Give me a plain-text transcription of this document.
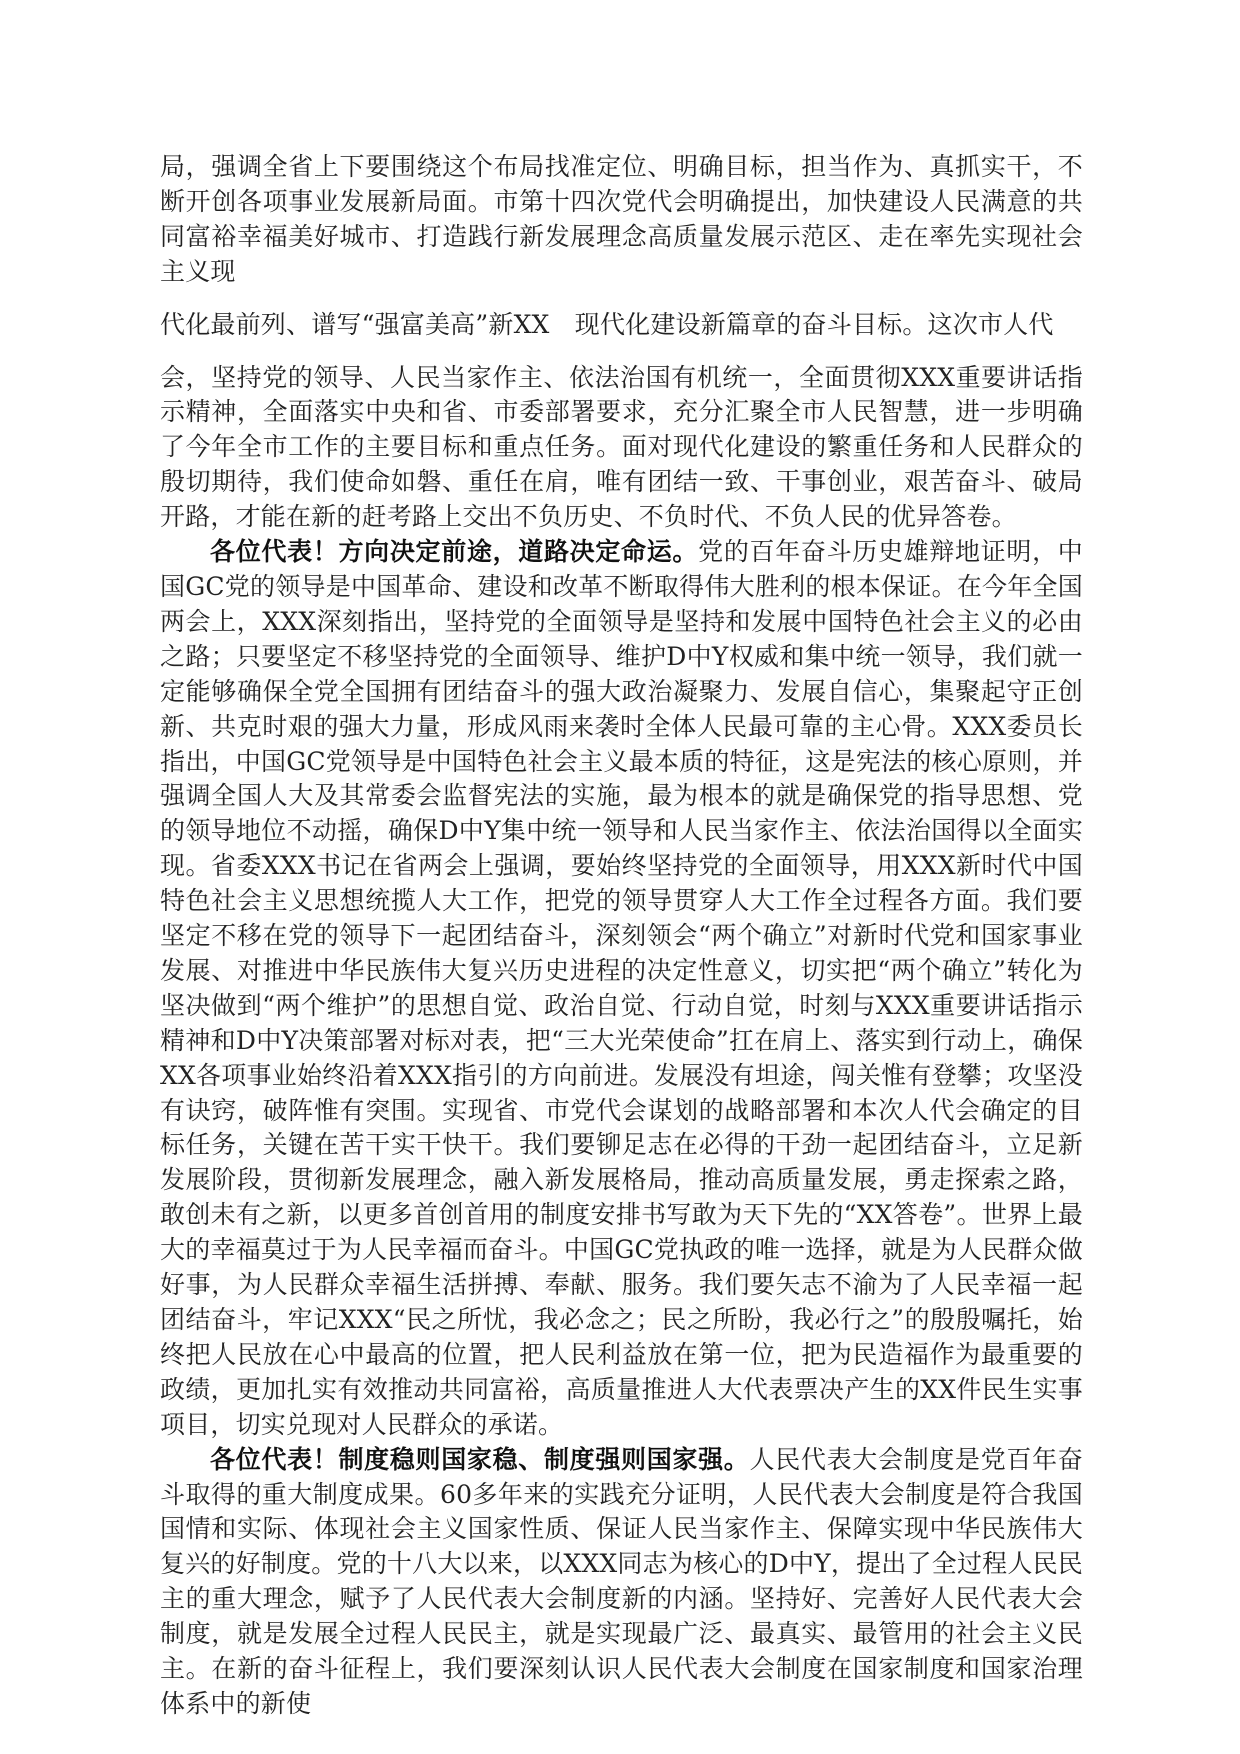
局，强调全省上下要围绕这个布局找准定位、明确目标，担当作为、真抓实干，不断开创各项事业发展新局面。市第十四次党代会明确提出，加快建设人民满意的共同富裕幸福美好城市、打造践行新发展理念高质量发展示范区、走在率先实现社会主义现

代化最前列、谱写“强富美高”新XX　现代化建设新篇章的奋斗目标。这次市人代

会，坚持党的领导、人民当家作主、依法治国有机统一，全面贯彻XXX重要讲话指示精神，全面落实中央和省、市委部署要求，充分汇聚全市人民智慧，进一步明确了今年全市工作的主要目标和重点任务。面对现代化建设的繁重任务和人民群众的殷切期待，我们使命如磐、重任在肩，唯有团结一致、干事创业，艰苦奋斗、破局开路，才能在新的赶考路上交出不负历史、不负时代、不负人民的优异答卷。

各位代表！方向决定前途，道路决定命运。党的百年奋斗历史雄辩地证明，中国GC党的领导是中国革命、建设和改革不断取得伟大胜利的根本保证。在今年全国两会上，XXX深刻指出，坚持党的全面领导是坚持和发展中国特色社会主义的必由之路；只要坚定不移坚持党的全面领导、维护D中Y权威和集中统一领导，我们就一定能够确保全党全国拥有团结奋斗的强大政治凝聚力、发展自信心，集聚起守正创新、共克时艰的强大力量，形成风雨来袭时全体人民最可靠的主心骨。XXX委员长指出，中国GC党领导是中国特色社会主义最本质的特征，这是宪法的核心原则，并强调全国人大及其常委会监督宪法的实施，最为根本的就是确保党的指导思想、党的领导地位不动摇，确保D中Y集中统一领导和人民当家作主、依法治国得以全面实现。省委XXX书记在省两会上强调，要始终坚持党的全面领导，用XXX新时代中国特色社会主义思想统揽人大工作，把党的领导贯穿人大工作全过程各方面。我们要坚定不移在党的领导下一起团结奋斗，深刻领会“两个确立”对新时代党和国家事业发展、对推进中华民族伟大复兴历史进程的决定性意义，切实把“两个确立”转化为坚决做到“两个维护”的思想自觉、政治自觉、行动自觉，时刻与XXX重要讲话指示精神和D中Y决策部署对标对表，把“三大光荣使命”扛在肩上、落实到行动上，确保XX各项事业始终沿着XXX指引的方向前进。发展没有坦途，闯关惟有登攀；攻坚没有诀窍，破阵惟有突围。实现省、市党代会谋划的战略部署和本次人代会确定的目标任务，关键在苦干实干快干。我们要铆足志在必得的干劲一起团结奋斗，立足新发展阶段，贯彻新发展理念，融入新发展格局，推动高质量发展，勇走探索之路，敢创未有之新，以更多首创首用的制度安排书写敢为天下先的“XX答卷”。世界上最大的幸福莫过于为人民幸福而奋斗。中国GC党执政的唯一选择，就是为人民群众做好事，为人民群众幸福生活拼搏、奉献、服务。我们要矢志不渝为了人民幸福一起团结奋斗，牢记XXX“民之所忧，我必念之；民之所盼，我必行之”的殷殷嘱托，始终把人民放在心中最高的位置，把人民利益放在第一位，把为民造福作为最重要的政绩，更加扎实有效推动共同富裕，高质量推进人大代表票决产生的XX件民生实事项目，切实兑现对人民群众的承诺。

各位代表！制度稳则国家稳、制度强则国家强。人民代表大会制度是党百年奋斗取得的重大制度成果。60多年来的实践充分证明，人民代表大会制度是符合我国国情和实际、体现社会主义国家性质、保证人民当家作主、保障实现中华民族伟大复兴的好制度。党的十八大以来，以XXX同志为核心的D中Y，提出了全过程人民民主的重大理念，赋予了人民代表大会制度新的内涵。坚持好、完善好人民代表大会制度，就是发展全过程人民民主，就是实现最广泛、最真实、最管用的社会主义民主。在新的奋斗征程上，我们要深刻认识人民代表大会制度在国家制度和国家治理体系中的新使
